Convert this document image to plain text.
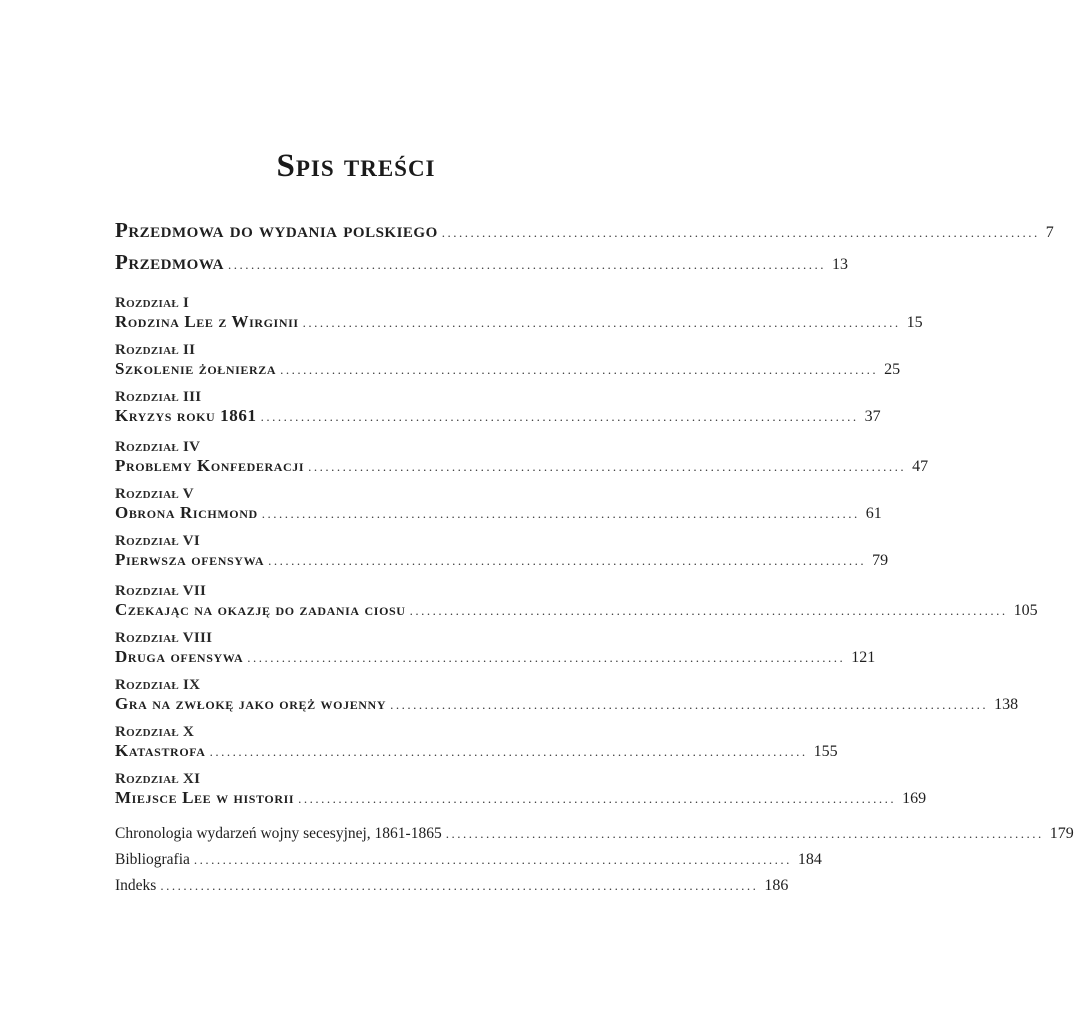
Spis treści
Przedmowa do wydania polskiego ........................................................................................................ 7
Przedmowa ........................................................................................................ 13
Rozdział I
Rodzina Lee z Wirginii ........................................................................................................ 15
Rozdział II
Szkolenie żołnierza ........................................................................................................ 25
Rozdział III
Kryzys roku 1861 ........................................................................................................ 37
Rozdział IV
Problemy Konfederacji ........................................................................................................ 47
Rozdział V
Obrona Richmond ........................................................................................................ 61
Rozdział VI
Pierwsza ofensywa ........................................................................................................ 79
Rozdział VII
Czekając na okazję do zadania ciosu ........................................................................................................ 105
Rozdział VIII
Druga ofensywa ........................................................................................................ 121
Rozdział IX
Gra na zwłokę jako oręż wojenny ........................................................................................................ 138
Rozdział X
Katastrofa ........................................................................................................ 155
Rozdział XI
Miejsce Lee w historii ........................................................................................................ 169
Chronologia wydarzeń wojny secesyjnej, 1861-1865 ........................................................................................................ 179
Bibliografia ........................................................................................................ 184
Indeks ........................................................................................................ 186
